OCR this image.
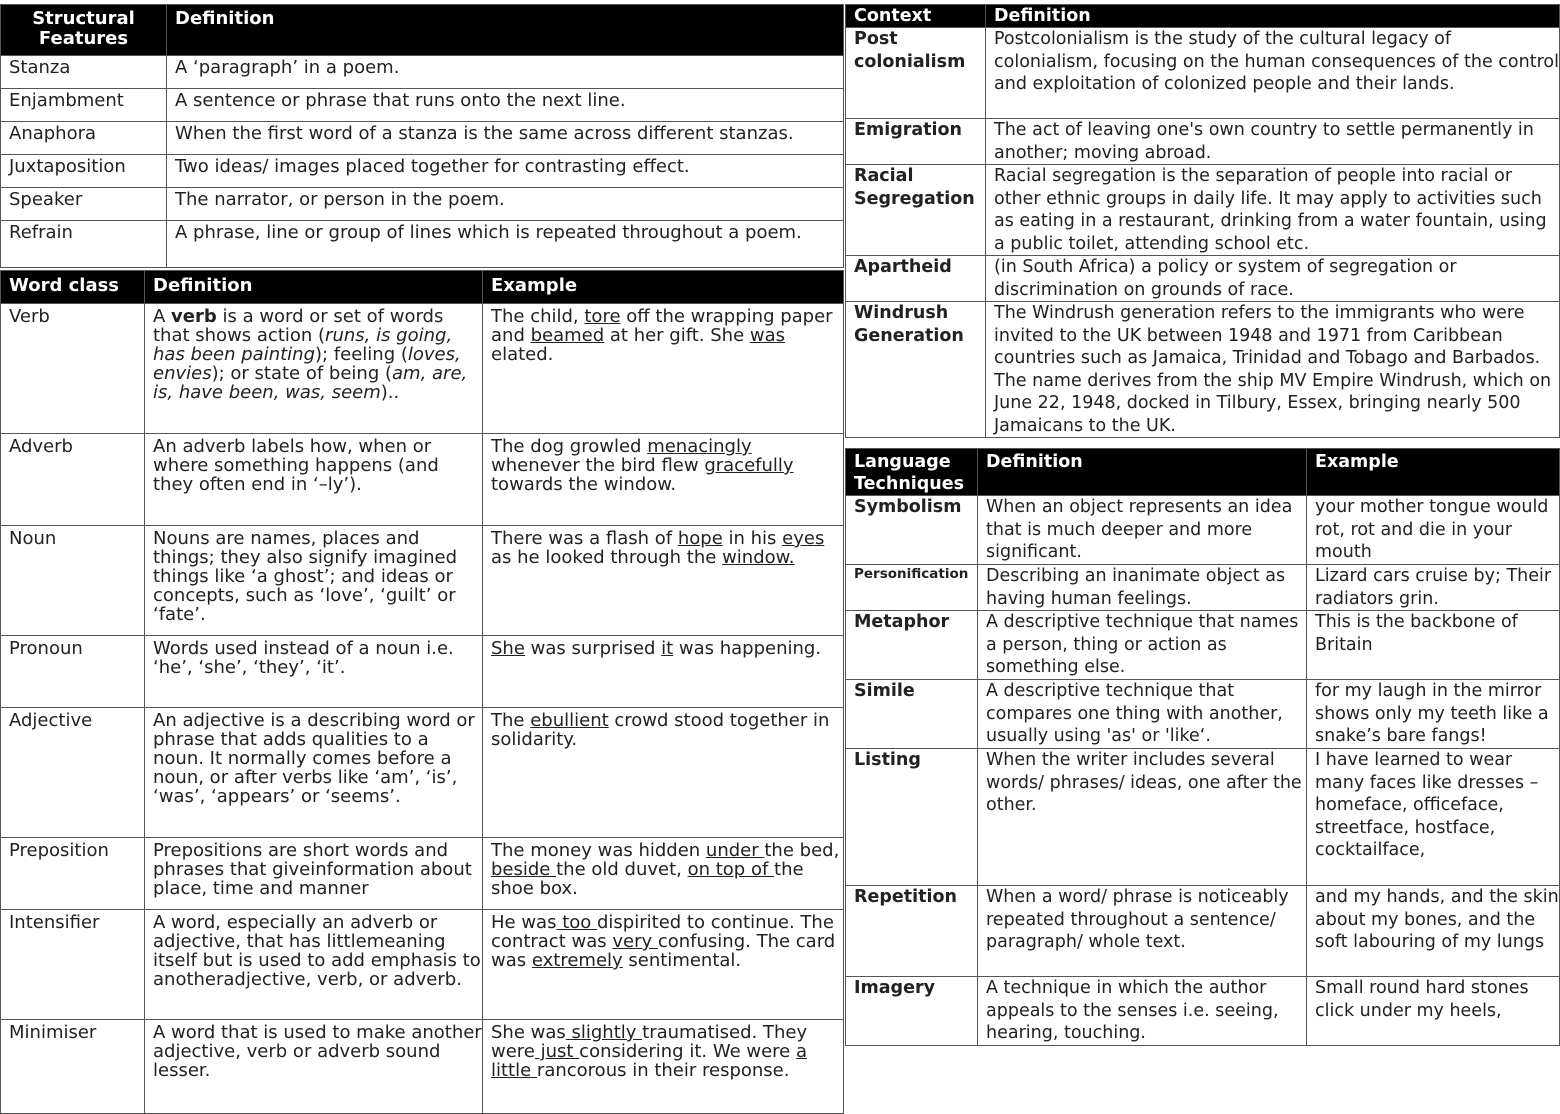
Structural Features	Definition
Stanza	A ‘paragraph’ in a poem.
Enjambment	A sentence or phrase that runs onto the next line.
Anaphora	When the first word of a stanza is the same across different stanzas.
Juxtaposition	Two ideas/ images placed together for contrasting effect.
Speaker	The narrator, or person in the poem.
Refrain	A phrase, line or group of lines which is repeated throughout a poem.
Word class	Definition	Example
Verb	A verb is a word or set of words that shows action (runs, is going, has been painting); feeling (loves, envies); or state of being (am, are, is, have been, was, seem)..	The child, tore off the wrapping paper and beamed at her gift. She was elated.
Adverb	An adverb labels how, when or where something happens (and they often end in ‘–ly’).	The dog growled menacingly whenever the bird flew gracefully towards the window.
Noun	Nouns are names, places and things; they also signify imagined things like ‘a ghost’; and ideas or concepts, such as ‘love’, ‘guilt’ or ‘fate’.	There was a flash of hope in his eyes as he looked through the window.
Pronoun	Words used instead of a noun i.e. ‘he’, ‘she’, ‘they’, ‘it’.	She was surprised it was happening.
Adjective	An adjective is a describing word or phrase that adds qualities to a noun. It normally comes before a noun, or after verbs like ‘am’, ‘is’, ‘was’, ‘appears’ or ‘seems’.	The ebullient crowd stood together in solidarity.
Preposition	Prepositions are short words and phrases that giveinformation about place, time and manner	The money was hidden under the bed, beside the old duvet, on top of the shoe box.
Intensifier	A word, especially an adverb or adjective, that has littlemeaning itself but is used to add emphasis to anotheradjective, verb, or adverb.	He was too dispirited to continue. The contract was very confusing. The card was extremely sentimental.
Minimiser	A word that is used to make another adjective, verb or adverb sound lesser.	She was slightly traumatised. They were just considering it. We were a little rancorous in their response.
Context	Definition
Post colonialism	Postcolonialism is the study of the cultural legacy of colonialism, focusing on the human consequences of the control and exploitation of colonized people and their lands.
Emigration	The act of leaving one's own country to settle permanently in another; moving abroad.
Racial Segregation	Racial segregation is the separation of people into racial or other ethnic groups in daily life. It may apply to activities such as eating in a restaurant, drinking from a water fountain, using a public toilet, attending school etc.
Apartheid	(in South Africa) a policy or system of segregation or discrimination on grounds of race.
Windrush Generation	The Windrush generation refers to the immigrants who were invited to the UK between 1948 and 1971 from Caribbean countries such as Jamaica, Trinidad and Tobago and Barbados. The name derives from the ship MV Empire Windrush, which on June 22, 1948, docked in Tilbury, Essex, bringing nearly 500 Jamaicans to the UK.
Language Techniques	Definition	Example
Symbolism	When an object represents an idea that is much deeper and more significant.	your mother tongue would rot, rot and die in your mouth
Personification	Describing an inanimate object as having human feelings.	Lizard cars cruise by; Their radiators grin.
Metaphor	A descriptive technique that names a person, thing or action as something else.	This is the backbone of Britain
Simile	A descriptive technique that compares one thing with another, usually using 'as' or 'like‘.	for my laugh in the mirror shows only my teeth like a snake’s bare fangs!
Listing	When the writer includes several words/ phrases/ ideas, one after the other.	I have learned to wear many faces like dresses – homeface, officeface, streetface, hostface, cocktailface,
Repetition	When a word/ phrase is noticeably repeated throughout a sentence/ paragraph/ whole text.	and my hands, and the skin about my bones, and the soft labouring of my lungs
Imagery	A technique in which the author appeals to the senses i.e. seeing, hearing, touching.	Small round hard stones click under my heels,
